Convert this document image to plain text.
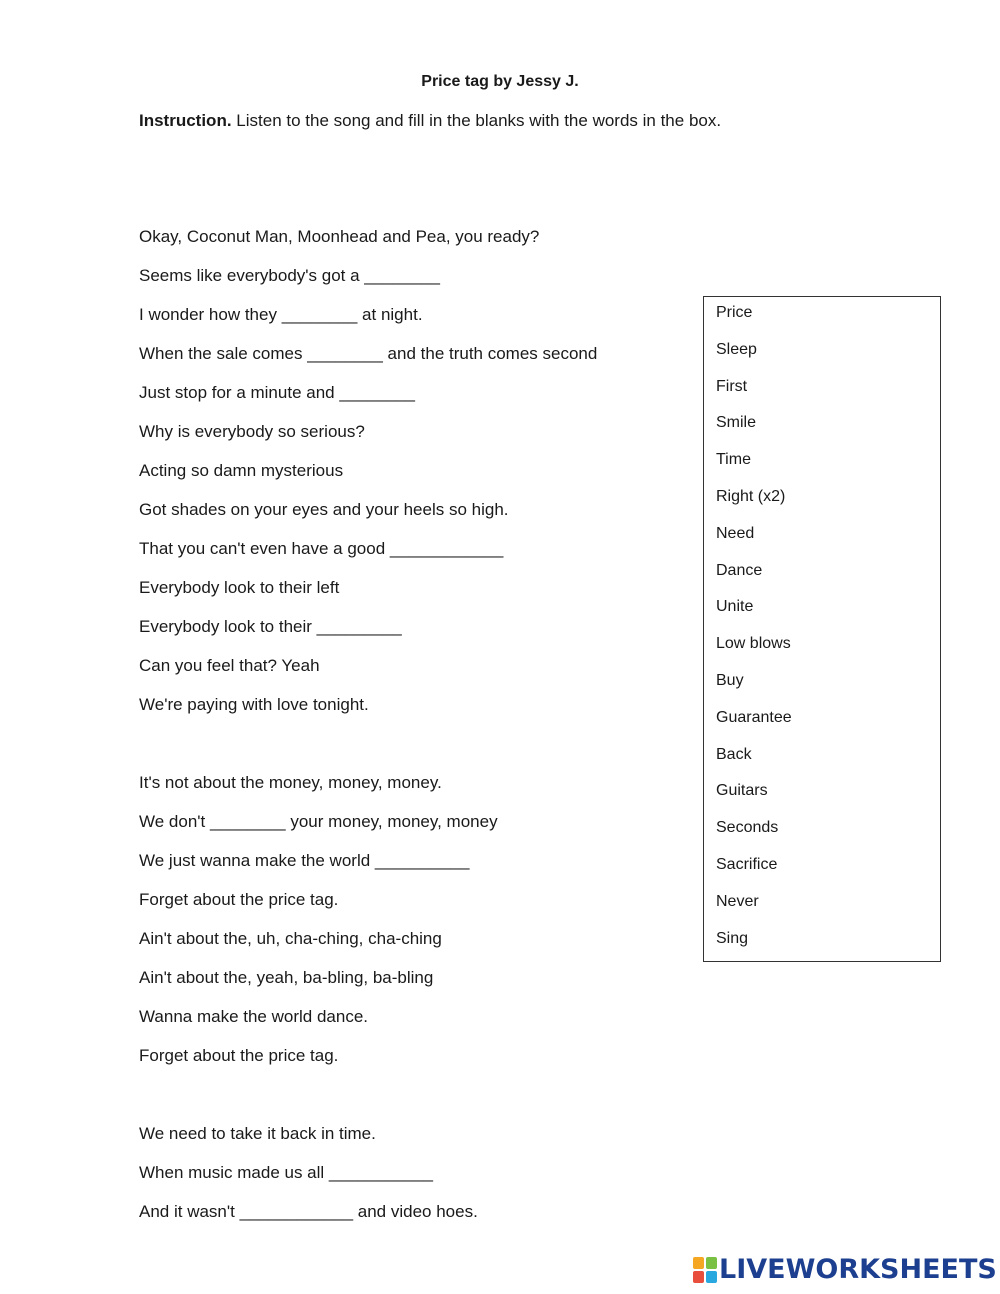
Price tag by Jessy J.
Instruction. Listen to the song and fill in the blanks with the words in the box.
Okay, Coconut Man, Moonhead and Pea, you ready?
Seems like everybody's got a ________
I wonder how they ________ at night.
When the sale comes ________ and the truth comes second
Just stop for a minute and ________
Why is everybody so serious?
Acting so damn mysterious
Got shades on your eyes and your heels so high.
That you can't even have a good ____________
Everybody look to their left
Everybody look to their _________
Can you feel that? Yeah
We're paying with love tonight.
It's not about the money, money, money.
We don't ________ your money, money, money
We just wanna make the world __________
Forget about the price tag.
Ain't about the, uh, cha-ching, cha-ching
Ain't about the, yeah, ba-bling, ba-bling
Wanna make the world dance.
Forget about the price tag.
We need to take it back in time.
When music made us all ___________
And it wasn't ____________ and video hoes.
Price
Sleep
First
Smile
Time
Right (x2)
Need
Dance
Unite
Low blows
Buy
Guarantee
Back
Guitars
Seconds
Sacrifice
Never
Sing
LIVEWORKSHEETS
